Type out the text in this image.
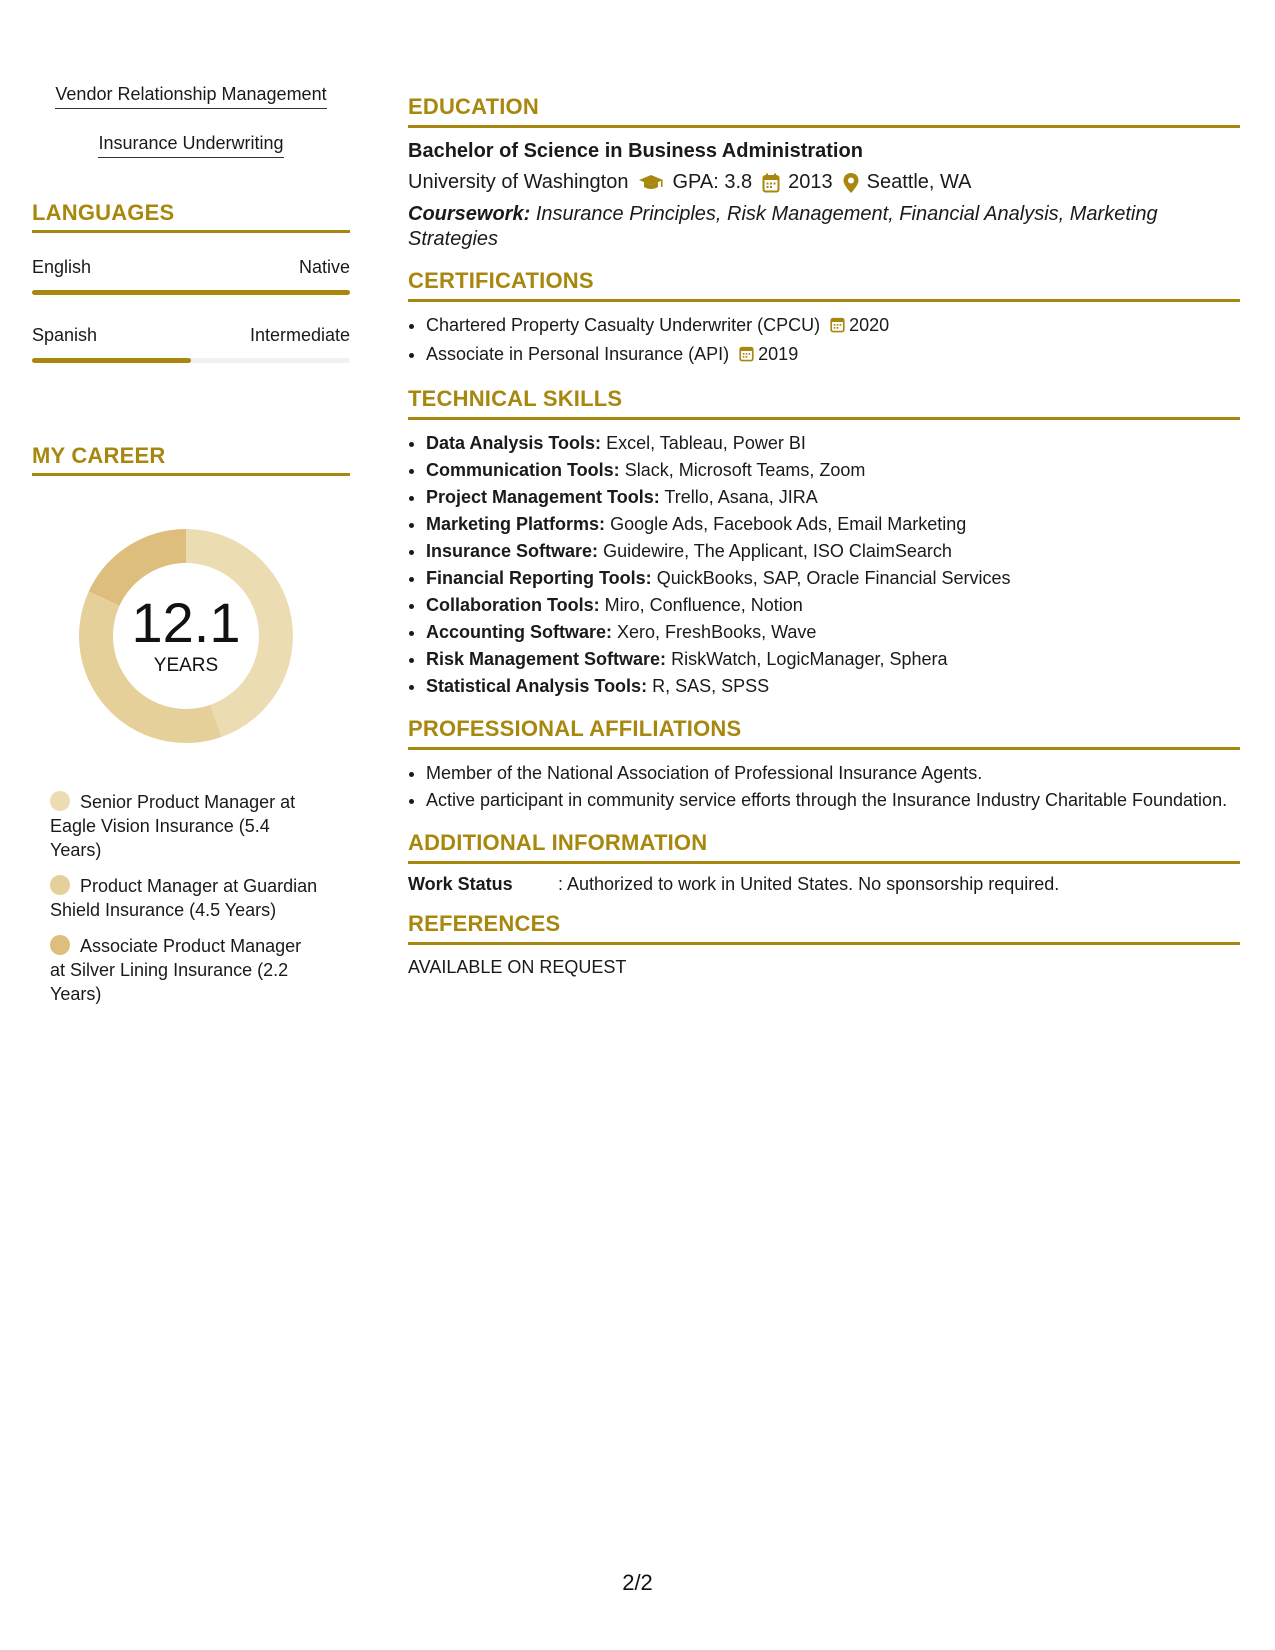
Vendor Relationship Management
Insurance Underwriting
LANGUAGES
English	Native
Spanish	Intermediate
MY CAREER
12.1
YEARS
Senior Product Manager at Eagle Vision Insurance (5.4 Years)
Product Manager at Guardian Shield Insurance (4.5 Years)
Associate Product Manager at Silver Lining Insurance (2.2 Years)
EDUCATION
Bachelor of Science in Business Administration
University of Washington GPA: 3.8 2013 Seattle, WA
Coursework: Insurance Principles, Risk Management, Financial Analysis, Marketing Strategies
CERTIFICATIONS
• Chartered Property Casualty Underwriter (CPCU) 2020
• Associate in Personal Insurance (API) 2019
TECHNICAL SKILLS
• Data Analysis Tools: Excel, Tableau, Power BI
• Communication Tools: Slack, Microsoft Teams, Zoom
• Project Management Tools: Trello, Asana, JIRA
• Marketing Platforms: Google Ads, Facebook Ads, Email Marketing
• Insurance Software: Guidewire, The Applicant, ISO ClaimSearch
• Financial Reporting Tools: QuickBooks, SAP, Oracle Financial Services
• Collaboration Tools: Miro, Confluence, Notion
• Accounting Software: Xero, FreshBooks, Wave
• Risk Management Software: RiskWatch, LogicManager, Sphera
• Statistical Analysis Tools: R, SAS, SPSS
PROFESSIONAL AFFILIATIONS
• Member of the National Association of Professional Insurance Agents.
• Active participant in community service efforts through the Insurance Industry Charitable Foundation.
ADDITIONAL INFORMATION
Work Status	: Authorized to work in United States. No sponsorship required.
REFERENCES
AVAILABLE ON REQUEST
2/2
